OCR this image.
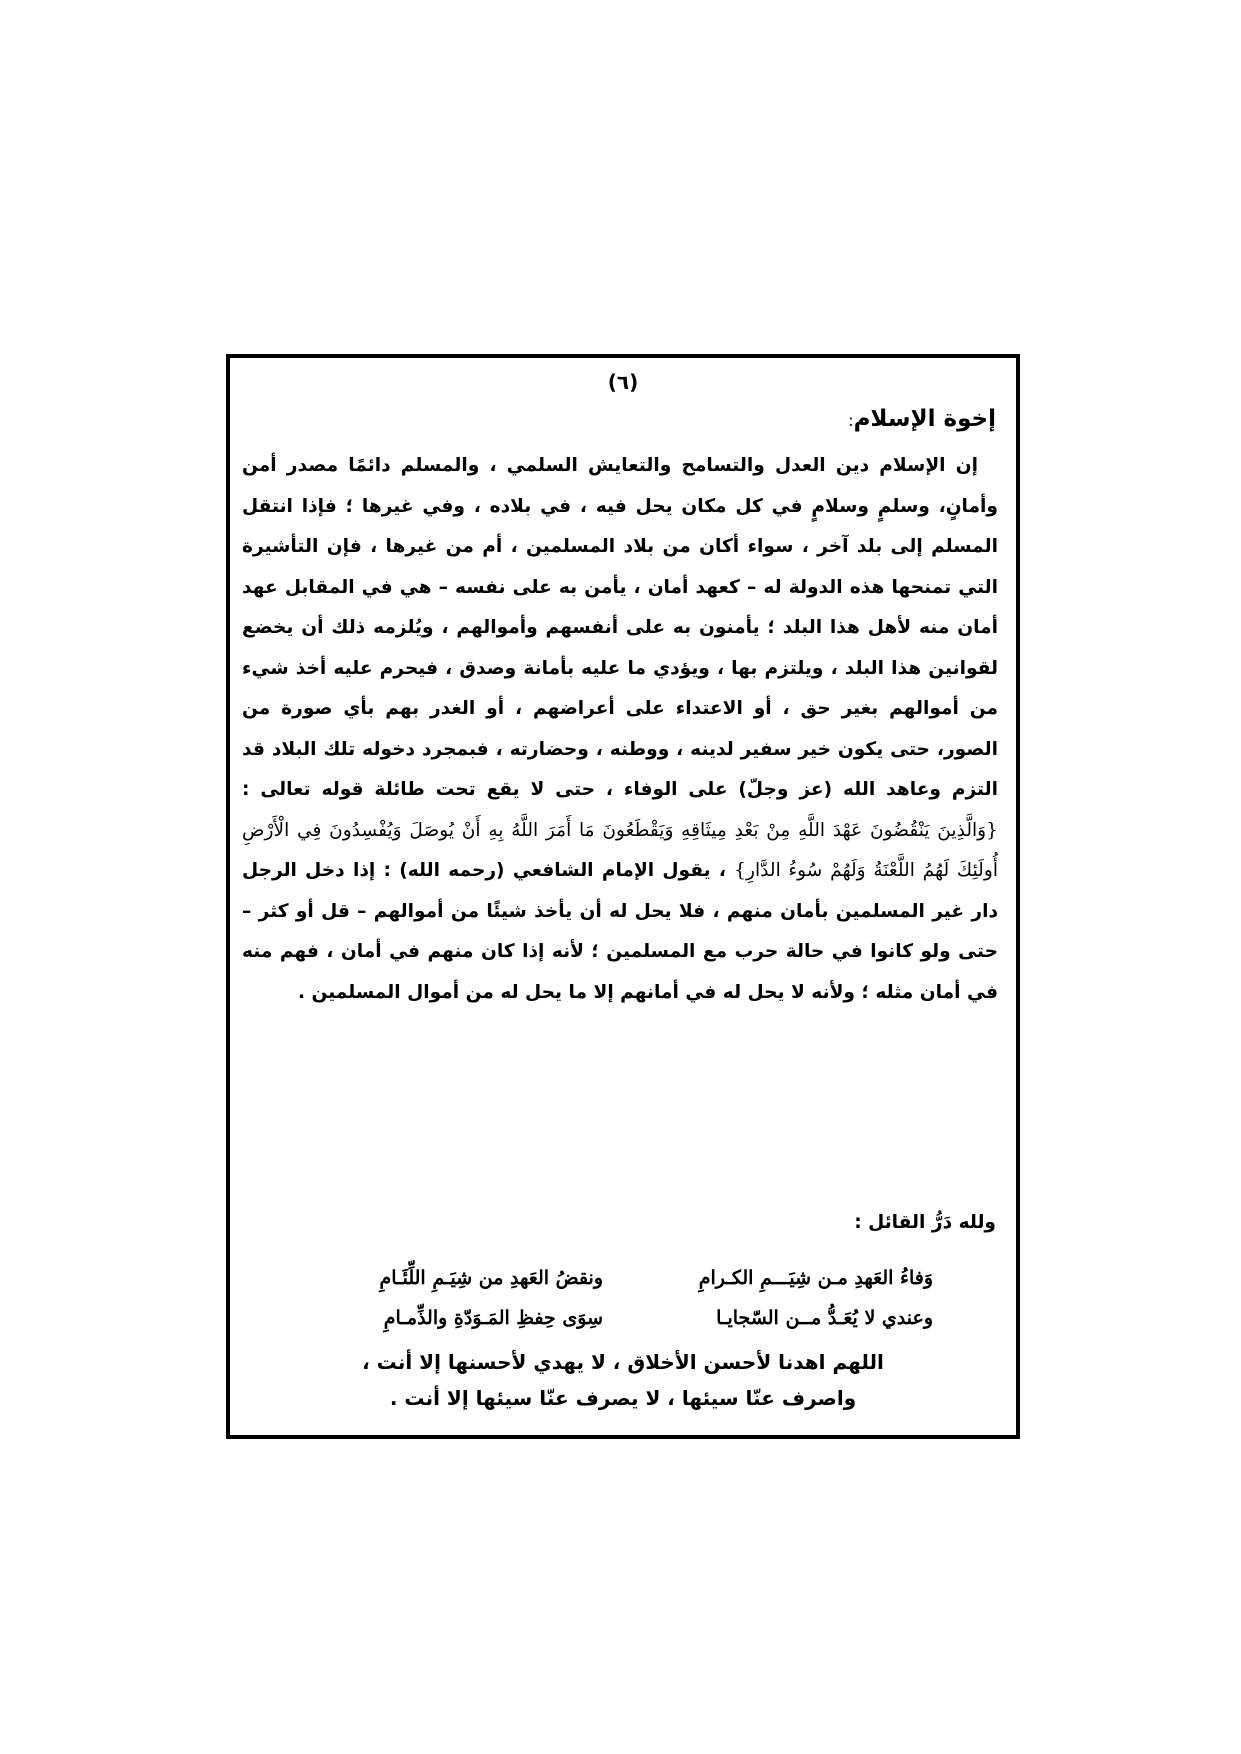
(٦)
إخوة الإسلام:

إن الإسلام دين العدل والتسامح والتعايش السلمي ، والمسلم دائمًا مصدر أمن وأمانٍ، وسلمٍ وسلامٍ في كل مكان يحل فيه ، في بلاده ، وفي غيرها ؛ فإذا انتقل المسلم إلى بلد آخر ، سواء أكان من بلاد المسلمين ، أم من غيرها ، فإن التأشيرة التي تمنحها هذه الدولة له – كعهد أمان ، يأمن به على نفسه – هي في المقابل عهد أمان منه لأهل هذا البلد ؛ يأمنون به على أنفسهم وأموالهم ، ويُلزمه ذلك أن يخضع لقوانين هذا البلد ، ويلتزم بها ، ويؤدي ما عليه بأمانة وصدق ، فيحرم عليه أخذ شيء من أموالهم بغير حق ، أو الاعتداء على أعراضهم ، أو الغدر بهم بأي صورة من الصور، حتى يكون خير سفير لدينه ، ووطنه ، وحضارته ، فبمجرد دخوله تلك البلاد قد التزم وعاهد الله (عز وجلّ) على الوفاء ، حتى لا يقع تحت طائلة قوله تعالى : {وَالَّذِينَ يَنْقُضُونَ عَهْدَ اللَّهِ مِنْ بَعْدِ مِيثَاقِهِ وَيَقْطَعُونَ مَا أَمَرَ اللَّهُ بِهِ أَنْ يُوصَلَ وَيُفْسِدُونَ فِي الْأَرْضِ أُولَئِكَ لَهُمُ اللَّعْنَةُ وَلَهُمْ سُوءُ الدَّارِ} ، يقول الإمام الشافعي (رحمه الله) : إذا دخل الرجل دار غير المسلمين بأمان منهم ، فلا يحل له أن يأخذ شيئًا من أموالهم – قل أو كثر – حتى ولو كانوا في حالة حرب مع المسلمين ؛ لأنه إذا كان منهم في أمان ، فهم منه في أمان مثله ؛ ولأنه لا يحل له في أمانهم إلا ما يحل له من أموال المسلمين .

ولله دَرُّ القائل :
وَفاءُ العَهدِ مـن شِيَـــمِ الكـرامِ
ونقضُ العَهدِ من شِيَـمِ اللِّئَـامِ
وعندي لا يُعَـدُّ مــن السّجايـا
سِوَى حِفظِ المَـوَدّةِ والذِّمـامِ
اللهم اهدنا لأحسن الأخلاق ، لا يهدي لأحسنها إلا أنت ،
واصرف عنّا سيئها ، لا يصرف عنّا سيئها إلا أنت .
